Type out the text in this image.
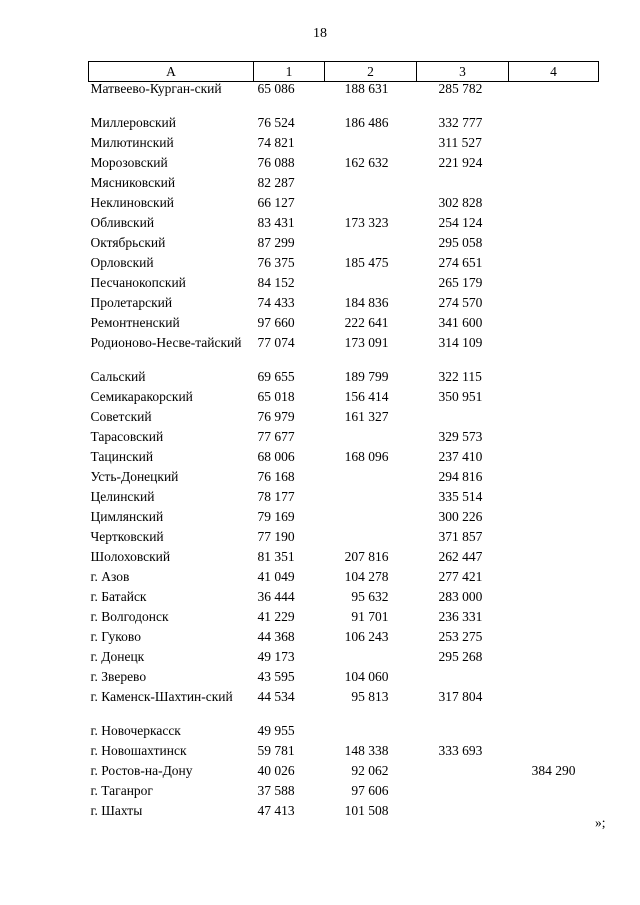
18
А	1	2	3	4
Матвеево-Курган-ский	65 086	188 631	285 782	
Миллеровский	76 524	186 486	332 777	
Милютинский	74 821		311 527	
Морозовский	76 088	162 632	221 924	
Мясниковский	82 287			
Неклиновский	66 127		302 828	
Обливский	83 431	173 323	254 124	
Октябрьский	87 299		295 058	
Орловский	76 375	185 475	274 651	
Песчанокопский	84 152		265 179	
Пролетарский	74 433	184 836	274 570	
Ремонтненский	97 660	222 641	341 600	
Родионово-Несве-тайский	77 074	173 091	314 109	
Сальский	69 655	189 799	322 115	
Семикаракорский	65 018	156 414	350 951	
Советский	76 979	161 327		
Тарасовский	77 677		329 573	
Тацинский	68 006	168 096	237 410	
Усть-Донецкий	76 168		294 816	
Целинский	78 177		335 514	
Цимлянский	79 169		300 226	
Чертковский	77 190		371 857	
Шолоховский	81 351	207 816	262 447	
г. Азов	41 049	104 278	277 421	
г. Батайск	36 444	95 632	283 000	
г. Волгодонск	41 229	91 701	236 331	
г. Гуково	44 368	106 243	253 275	
г. Донецк	49 173		295 268	
г. Зверево	43 595	104 060		
г. Каменск-Шахтин-ский	44 534	95 813	317 804	
г. Новочеркасск	49 955			
г. Новошахтинск	59 781	148 338	333 693	
г. Ростов-на-Дону	40 026	92 062		384 290
г. Таганрог	37 588	97 606		
г. Шахты	47 413	101 508		
»;
